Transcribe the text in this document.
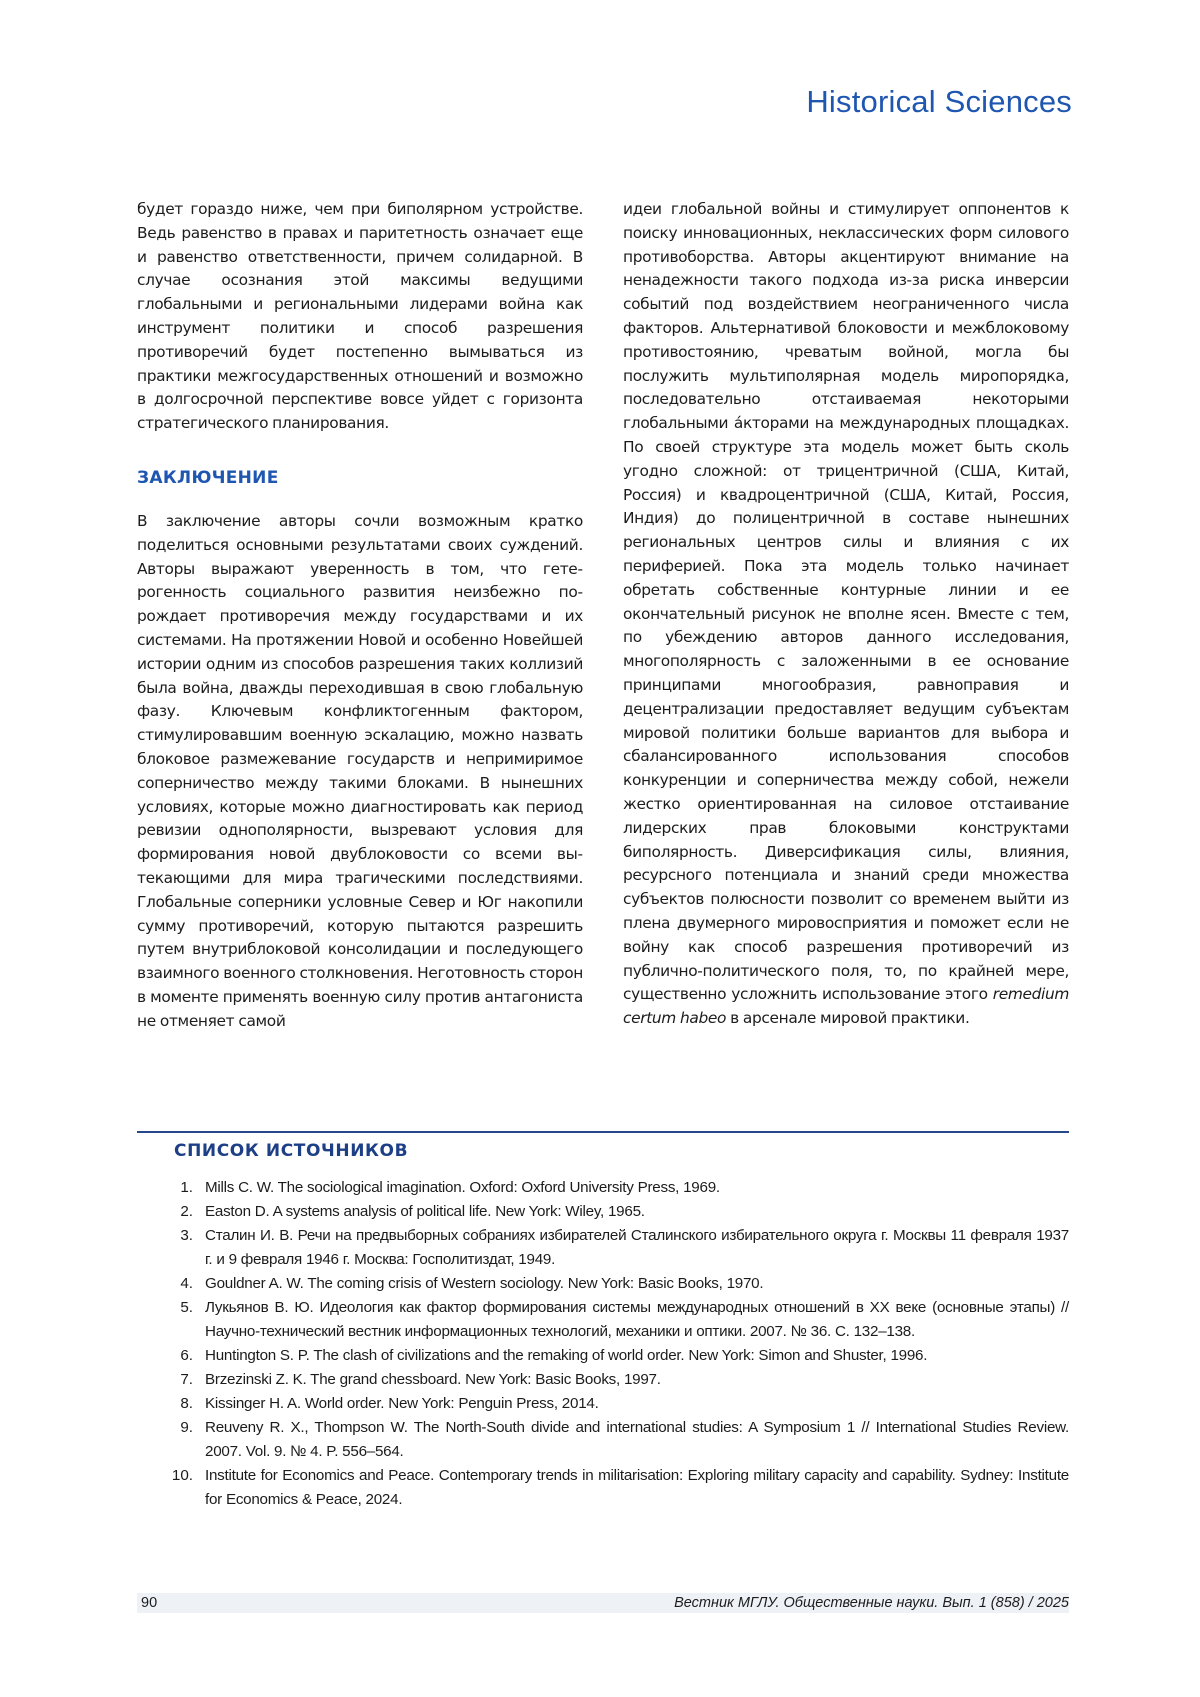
Historical Sciences

будет гораздо ниже, чем при биполярном устройстве. Ведь равенство в правах и паритетность означает еще и равенство ответственности, причем солидарной. В случае осознания этой максимы ведущими глобальными и региональными лидерами война как инструмент политики и способ разрешения противоречий будет постепенно вымываться из практики межгосударственных отношений и возможно в долгосрочной перспективе вовсе уйдет с горизонта стратегического планирования.

ЗАКЛЮЧЕНИЕ

В заключение авторы сочли возможным кратко поделиться основными результатами своих суждений. Авторы выражают уверенность в том, что гетерогенность социального развития неизбежно порождает противоречия между государствами и их системами. На протяжении Новой и особенно Новейшей истории одним из способов разрешения таких коллизий была война, дважды переходившая в свою глобальную фазу. Ключевым конфликтогенным фактором, стимулировавшим военную эскалацию, можно назвать блоковое размежевание государств и непримиримое соперничество между такими блоками. В нынешних условиях, которые можно диагностировать как период ревизии однополярности, вызревают условия для формирования новой двублоковости со всеми вытекающими для мира трагическими последствиями. Глобальные соперники условные Север и Юг накопили сумму противоречий, которую пытаются разрешить путем внутриблоковой консолидации и последующего взаимного военного столкновения. Неготовность сторон в моменте применять военную силу против антагониста не отменяет самой

идеи глобальной войны и стимулирует оппонентов к поиску инновационных, неклассических форм силового противоборства. Авторы акцентируют внимание на ненадежности такого подхода из-за риска инверсии событий под воздействием неограниченного числа факторов. Альтернативой блоковости и межблоковому противостоянию, чреватым войной, могла бы послужить мультиполярная модель миропорядка, последовательно отстаиваемая некоторыми глобальными áкторами на международных площадках. По своей структуре эта модель может быть сколь угодно сложной: от трицентричной (США, Китай, Россия) и квадроцентричной (США, Китай, Россия, Индия) до полицентричной в составе нынешних региональных центров силы и влияния с их периферией. Пока эта модель только начинает обретать собственные контурные линии и ее окончательный рисунок не вполне ясен. Вместе с тем, по убеждению авторов данного исследования, многополярность с заложенными в ее основание принципами многообразия, равноправия и децентрализации предоставляет ведущим субъектам мировой политики больше вариантов для выбора и сбалансированного использования способов конкуренции и соперничества между собой, нежели жестко ориентированная на силовое отстаивание лидерских прав блоковыми конструктами биполярность. Диверсификация силы, влияния, ресурсного потенциала и знаний среди множества субъектов полюсности позволит со временем выйти из плена двумерного мировосприятия и поможет если не войну как способ разрешения противоречий из публично-политического поля, то, по крайней мере, существенно усложнить использование этого remedium certum habeo в арсенале мировой практики.

СПИСОК ИСТОЧНИКОВ
1. Mills C. W. The sociological imagination. Oxford: Oxford University Press, 1969.
2. Easton D. A systems analysis of political life. New York: Wiley, 1965.
3. Сталин И. В. Речи на предвыборных собраниях избирателей Сталинского избирательного округа г. Москвы 11 февраля 1937 г. и 9 февраля 1946 г. Москва: Госполитиздат, 1949.
4. Gouldner A. W. The coming crisis of Western sociology. New York: Basic Books, 1970.
5. Лукьянов В. Ю. Идеология как фактор формирования системы международных отношений в XX веке (основные этапы) // Научно-технический вестник информационных технологий, механики и оптики. 2007. № 36. С. 132–138.
6. Huntington S. P. The clash of civilizations and the remaking of world order. New York: Simon and Shuster, 1996.
7. Brzezinski Z. K. The grand chessboard. New York: Basic Books, 1997.
8. Kissinger H. A. World order. New York: Penguin Press, 2014.
9. Reuveny R. X., Thompson W. The North-South divide and international studies: A Symposium 1 // International Studies Review. 2007. Vol. 9. № 4. P. 556–564.
10. Institute for Economics and Peace. Contemporary trends in militarisation: Exploring military capacity and capability. Sydney: Institute for Economics & Peace, 2024.
90	Вестник МГЛУ. Общественные науки. Вып. 1 (858) / 2025
